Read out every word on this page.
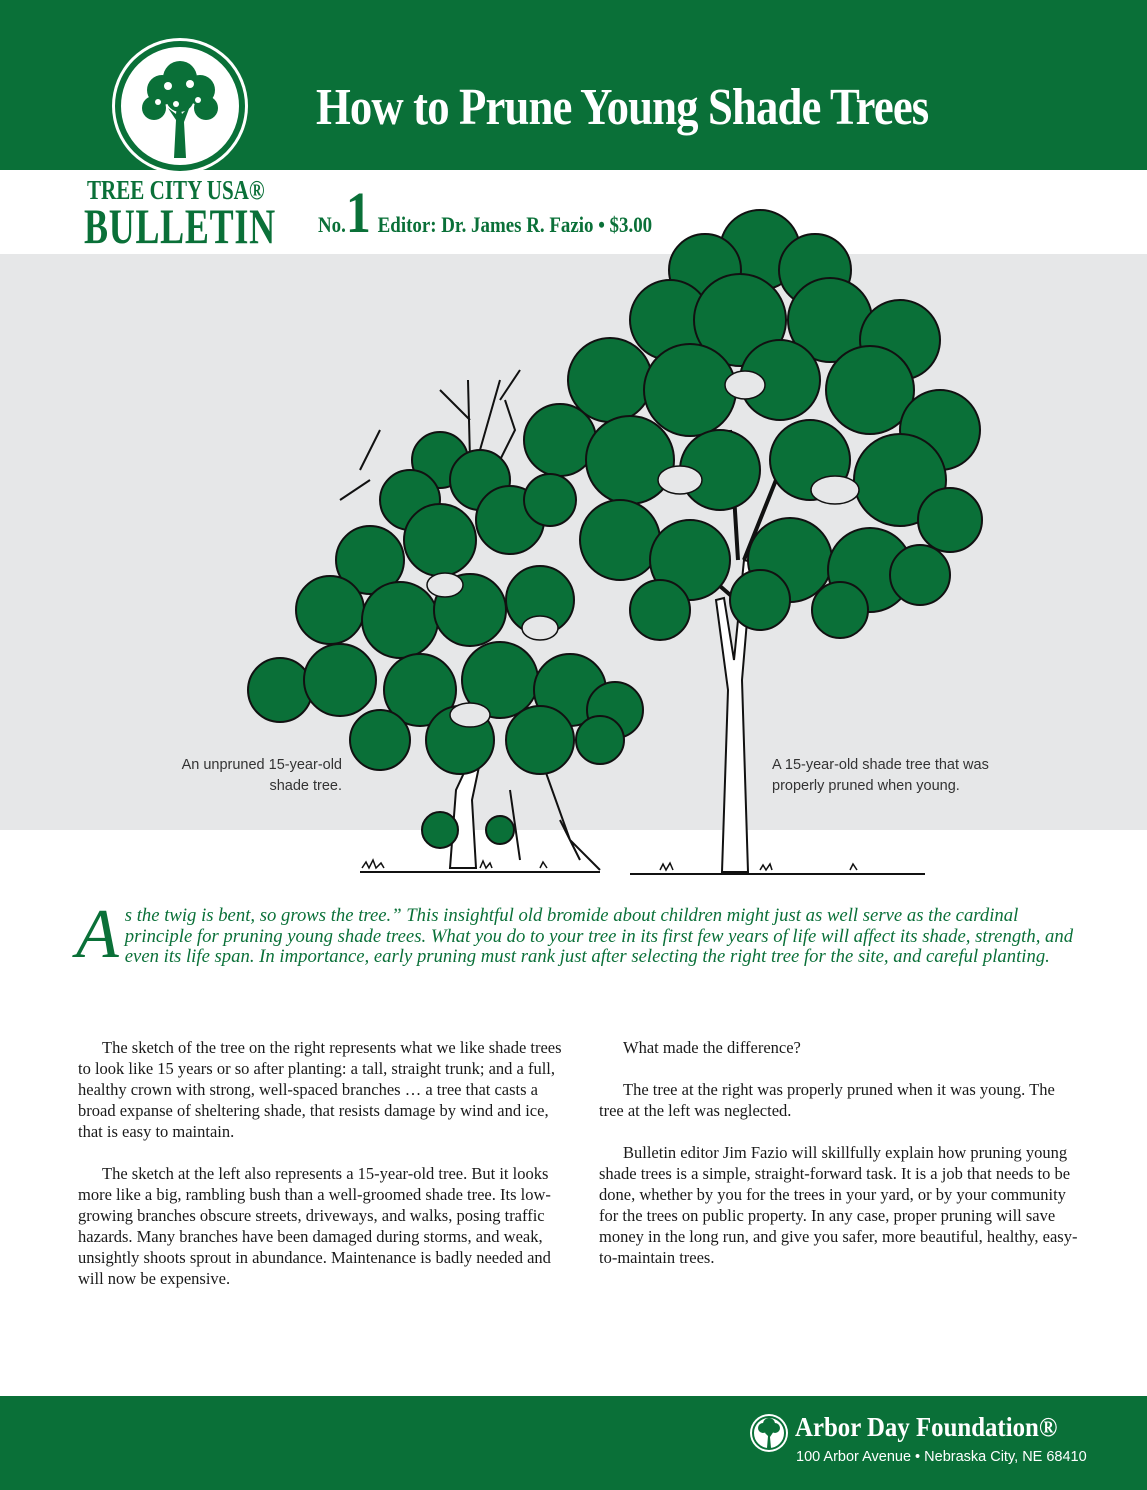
How to Prune Young Shade Trees
TREE CITY USA®
BULLETIN No.1 Editor: Dr. James R. Fazio • $3.00
An unpruned 15-year-old shade tree.
A 15-year-old shade tree that was properly pruned when young.
As the twig is bent, so grows the tree.” This insightful old bromide about children might just as well serve as the cardinal principle for pruning young shade trees. What you do to your tree in its first few years of life will affect its shade, strength, and even its life span. In importance, early pruning must rank just after selecting the right tree for the site, and careful planting.

The sketch of the tree on the right represents what we like shade trees to look like 15 years or so after planting: a tall, straight trunk; and a full, healthy crown with strong, well-spaced branches … a tree that casts a broad expanse of sheltering shade, that resists damage by wind and ice, that is easy to maintain.

The sketch at the left also represents a 15-year-old tree. But it looks more like a big, rambling bush than a well-groomed shade tree. Its low-growing branches obscure streets, driveways, and walks, posing traffic hazards. Many branches have been damaged during storms, and weak, unsightly shoots sprout in abundance. Maintenance is badly needed and will now be expensive.

What made the difference?

The tree at the right was properly pruned when it was young. The tree at the left was neglected.

Bulletin editor Jim Fazio will skillfully explain how pruning young shade trees is a simple, straight-forward task. It is a job that needs to be done, whether by you for the trees in your yard, or by your community for the trees on public property. In any case, proper pruning will save money in the long run, and give you safer, more beautiful, healthy, easy-to-maintain trees.

Arbor Day Foundation®
100 Arbor Avenue • Nebraska City, NE 68410
